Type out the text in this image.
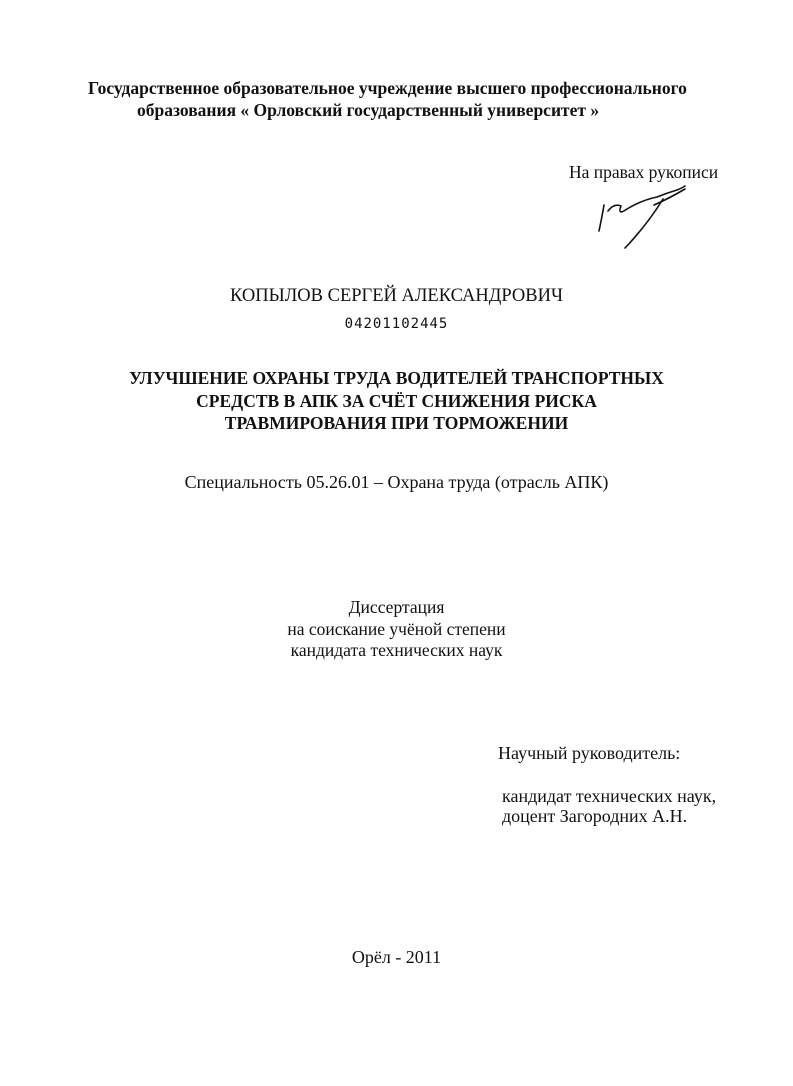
Государственное образовательное учреждение высшего профессионального
образования « Орловский государственный университет »
На правах рукописи
КОПЫЛОВ СЕРГЕЙ АЛЕКСАНДРОВИЧ
04201102445
УЛУЧШЕНИЕ ОХРАНЫ ТРУДА ВОДИТЕЛЕЙ ТРАНСПОРТНЫХ
СРЕДСТВ В АПК ЗА СЧЁТ СНИЖЕНИЯ РИСКА
ТРАВМИРОВАНИЯ ПРИ ТОРМОЖЕНИИ
Специальность 05.26.01 – Охрана труда (отрасль АПК)
Диссертация
на соискание учёной степени
кандидата технических наук
Научный руководитель:
кандидат технических наук,
доцент Загородних А.Н.
Орёл - 2011
